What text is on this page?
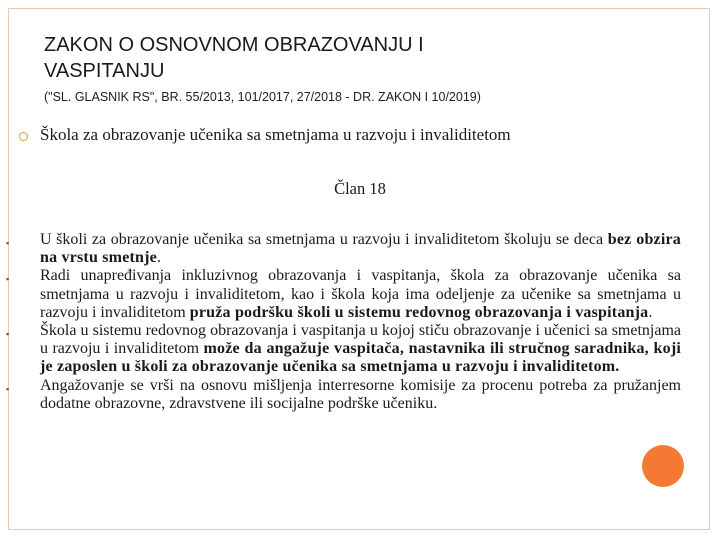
ZAKON O OSNOVNOM OBRAZOVANJU I
VASPITANJU
("SL. GLASNIK RS", BR. 55/2013, 101/2017, 27/2018 - DR. ZAKON I 10/2019)
Škola za obrazovanje učenika sa smetnjama u razvoju i invaliditetom
Član 18
▪ U školi za obrazovanje učenika sa smetnjama u razvoju i invaliditetom školuju se deca bez obzira na vrstu smetnje.
▪ Radi unapređivanja inkluzivnog obrazovanja i vaspitanja, škola za obrazovanje učenika sa smetnjama u razvoju i invaliditetom, kao i škola koja ima odeljenje za učenike sa smetnjama u razvoju i invaliditetom pruža podršku školi u sistemu redovnog obrazovanja i vaspitanja.
▪ Škola u sistemu redovnog obrazovanja i vaspitanja u kojoj stiču obrazovanje i učenici sa smetnjama u razvoju i invaliditetom može da angažuje vaspitača, nastavnika ili stručnog saradnika, koji je zaposlen u školi za obrazovanje učenika sa smetnjama u razvoju i invaliditetom.
▪ Angažovanje se vrši na osnovu mišljenja interresorne komisije za procenu potreba za pružanjem dodatne obrazovne, zdravstvene ili socijalne podrške učeniku.
